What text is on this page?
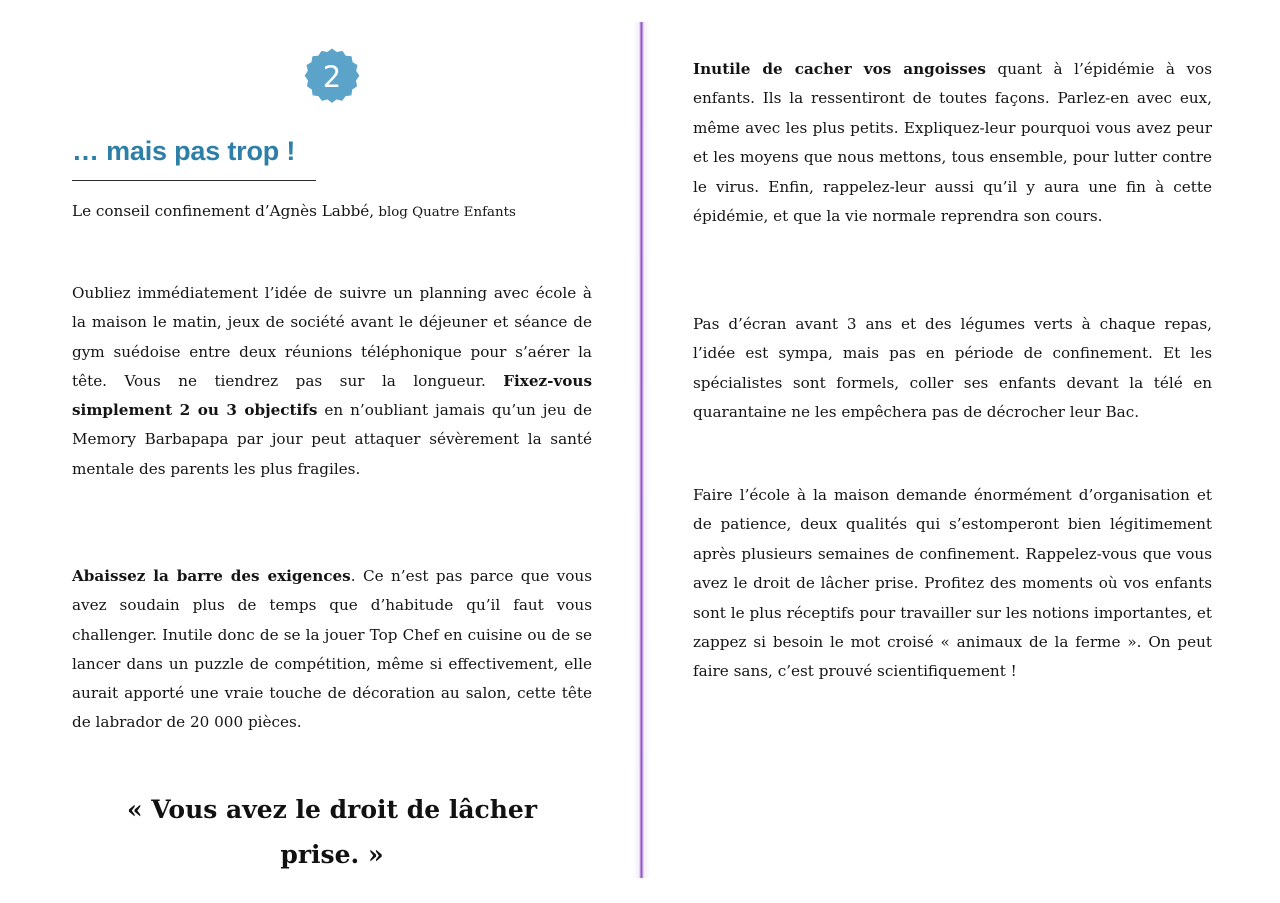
2
… mais pas trop !
Le conseil confinement d’Agnès Labbé, blog Quatre Enfants

Oubliez immédiatement l’idée de suivre un planning avec école à la maison le matin, jeux de société avant le déjeuner et séance de gym suédoise entre deux réunions téléphonique pour s’aérer la tête. Vous ne tiendrez pas sur la longueur. Fixez-vous simplement 2 ou 3 objectifs en n’oubliant jamais qu’un jeu de Memory Barbapapa par jour peut attaquer sévèrement la santé mentale des parents les plus fragiles.

Abaissez la barre des exigences. Ce n’est pas parce que vous avez soudain plus de temps que d’habitude qu’il faut vous challenger. Inutile donc de se la jouer Top Chef en cuisine ou de se lancer dans un puzzle de compétition, même si effectivement, elle aurait apporté une vraie touche de décoration au salon, cette tête de labrador de 20 000 pièces.

« Vous avez le droit de lâcher prise. »

Inutile de cacher vos angoisses quant à l’épidémie à vos enfants. Ils la ressentiront de toutes façons. Parlez-en avec eux, même avec les plus petits. Expliquez-leur pourquoi vous avez peur et les moyens que nous mettons, tous ensemble, pour lutter contre le virus. Enfin, rappelez-leur aussi qu’il y aura une fin à cette épidémie, et que la vie normale reprendra son cours.

Pas d’écran avant 3 ans et des légumes verts à chaque repas, l’idée est sympa, mais pas en période de confinement. Et les spécialistes sont formels, coller ses enfants devant la télé en quarantaine ne les empêchera pas de décrocher leur Bac.

Faire l’école à la maison demande énormément d’organisation et de patience, deux qualités qui s’estomperont bien légitimement après plusieurs semaines de confinement. Rappelez-vous que vous avez le droit de lâcher prise. Profitez des moments où vos enfants sont le plus réceptifs pour travailler sur les notions importantes, et zappez si besoin le mot croisé « animaux de la ferme ». On peut faire sans, c’est prouvé scientifiquement !
